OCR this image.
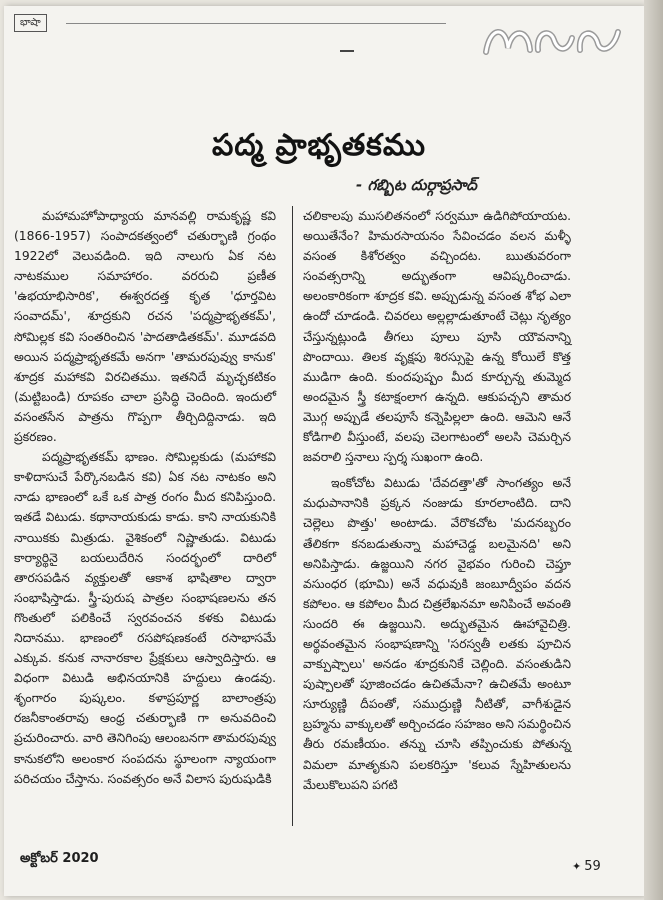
భాషా
పద్మ ప్రాభృతకము
- గబ్బిట దుర్గాప్రసాద్

మహామహోపాధ్యాయ మానవల్లి రామకృష్ణ కవి (1866-1957) సంపాదకత్వంలో చతుర్భాణి గ్రంథం 1922లో వెలువడింది. ఇది నాలుగు ఏక నట నాటకముల సమాహారం. వరరుచి ప్రణీత 'ఉభయాభిసారిక', ఈశ్వరదత్త కృత 'ధూర్తవిట సంవాదమ్', శూద్రకుని రచన 'పద్మప్రాభృతకమ్', సోమిల్లక కవి సంతరించిన 'పాదతాడితకమ్'. మూడవది అయిన పద్మప్రాభృతకమే అనగా 'తామరపువ్వు కానుక' శూద్రక మహాకవి విరచితము. ఇతనిదే మృచ్ఛకటికం (మట్టిబండి) రూపకం చాలా ప్రసిద్ధి చెందింది. ఇందులో వసంతసేన పాత్రను గొప్పగా తీర్చిదిద్దినాడు. ఇది ప్రకరణం.

పద్మప్రాభృతకమ్ భాణం. సోమిల్లకుడు (మహాకవి కాళిదాసుచే పేర్కొనబడిన కవి) ఏక నట నాటకం అని నాడు భాణంలో ఒకే ఒక పాత్ర రంగం మీద కనిపిస్తుంది. ఇతడే విటుడు. కథానాయకుడు కాడు. కాని నాయకునికి నాయికకు మిత్రుడు. వైశికంలో నిష్ణాతుడు. విటుడు కార్యార్థినై బయలుదేరిన సందర్భంలో దారిలో తారసపడిన వ్యక్తులతో ఆకాశ భాషితాల ద్వారా సంభాషిస్తాడు. స్త్రీ-పురుష పాత్రల సంభాషణలను తన గొంతులో పలికించే స్వరవంచన కళకు విటుడు నిదానము. భాణంలో రసపోషణకంటే రసాభాసమే ఎక్కువ. కనుక నానారకాల ప్రేక్షకులు ఆస్వాదిస్తారు. ఆ విధంగా విటుడి అభినయానికి హద్దులు ఉండవు. శృంగారం పుష్కలం. కళాప్రపూర్ణ బాలాంత్రపు రజనీకాంతరావు ఆంధ్ర చతుర్భాణి గా అనువదించి ప్రచురించారు. వారి తెనిగింపు ఆలంబనగా తామరపువ్వు కానుకలోని అలంకార సంపదను స్థూలంగా న్యాయంగా పరిచయం చేస్తాను. సంవత్సరం అనే విలాస పురుషుడికి

చలికాలపు ముసలితనంలో సర్వమూ ఉడిగిపోయాయట. అయితేనేం? హిమరసాయనం సేవించడం వలన మళ్ళీ వసంత కిశోరత్వం వచ్చిందట. ఋతువరంగా సంవత్సరాన్ని అద్భుతంగా ఆవిష్కరించాడు. అలంకారికంగా శూద్రక కవి. అప్పుడున్న వసంత శోభ ఎలా ఉందో చూడండి. చివరలు అల్లల్లాడుతూంటే చెట్లు నృత్యం చేస్తున్నట్లుండి తీగలు పూలు పూసి యౌవనాన్ని పొందాయి. తిలక వృక్షపు శిరస్సుపై ఉన్న కోయిలే కొత్త ముడిగా ఉంది. కుందపుష్పం మీద కూర్చున్న తుమ్మెద అందమైన స్త్రీ కటాక్షంలాగ ఉన్నది. ఆకుపచ్చని తామర మొగ్గ అప్పుడే తలపూసే కన్నెపిల్లలా ఉంది. ఆమెని ఆనే కోడిగాలి వీస్తుంటే, వలపు చెలగాటంలో అలసి చెమర్చిన జవరాలి స్తనాలు స్పర్శ సుఖంగా ఉంది.

ఇంకోచోట విటుడు 'దేవదత్తా'తో సాంగత్యం అనే మధుపానానికి ప్రక్కన నంజుడు కూరలాంటిది. దాని చెల్లెలు పొత్తు' అంటాడు. వేరొకచోట 'మదనబ్బరం తేలికగా కనబడుతున్నా మహాచెడ్డ బలమైనది' అని అనిపిస్తాడు. ఉజ్జయిని నగర వైభవం గురించి చెప్తూ వసుంధర (భూమి) అనే వధువుకి జంబూద్వీపం వదన కపోలం. ఆ కపోలం మీద చిత్రలేఖనమా అనిపించే అవంతి సుందరి ఈ ఉజ్జయిని. అద్భుతమైన ఊహావైచిత్రి. అర్థవంతమైన సంభాషణాన్ని 'సరస్వతీ లతకు పూచిన వాక్పుష్పాలు' అనడం శూద్రకునికే చెల్లింది. వసంతుడిని పుష్పాలతో పూజించడం ఉచితమేనా? ఉచితమే అంటూ సూర్యుణ్ణి దీపంతో, సముద్రుణ్ణి నీటితో, వాగీశుడైన బ్రహ్మను వాక్కులతో అర్చించడం సహజం అని సమర్థించిన తీరు రమణీయం. తన్ను చూసి తప్పించుకు పోతున్న విమలా మాతృకుని పలకరిస్తూ 'కలువ స్నేహితులను మేలుకొలుపని పగటి

అక్టోబర్ 2020
✦ 59
